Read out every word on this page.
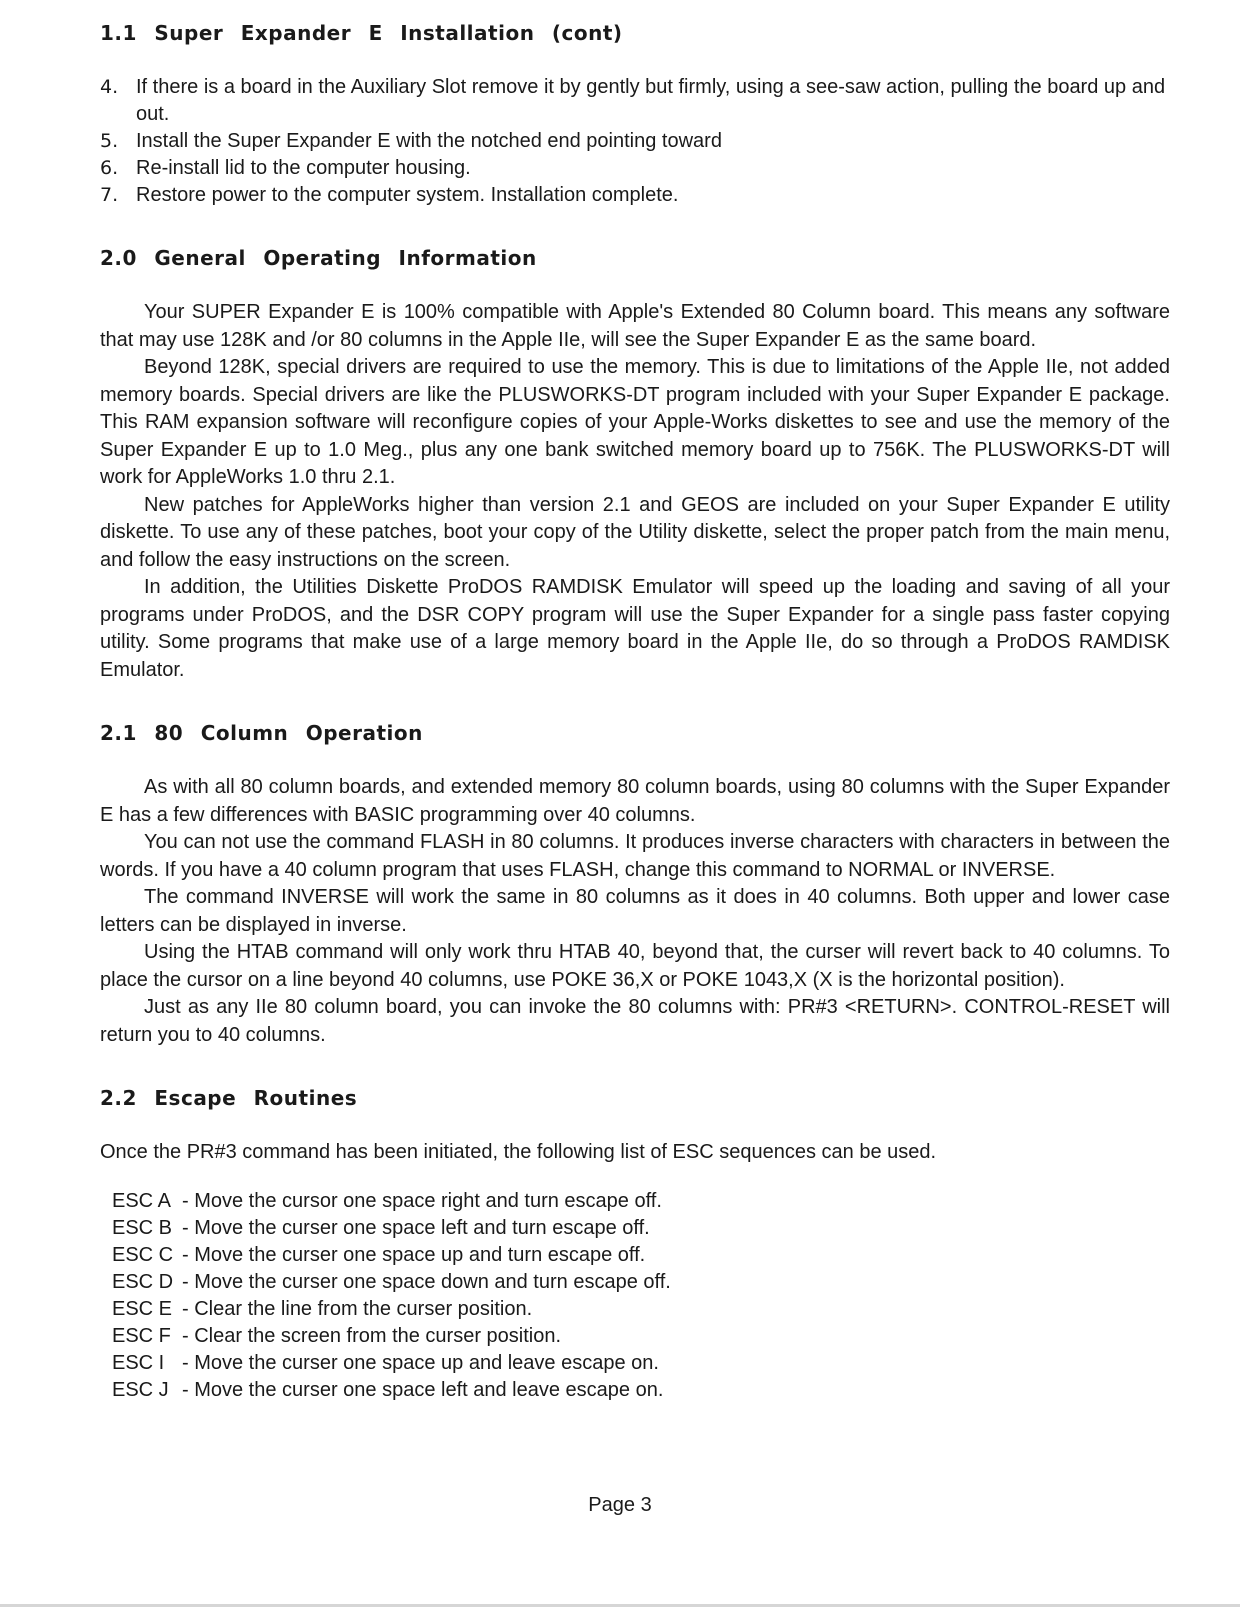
1.1 Super Expander E Installation (cont)
4. If there is a board in the Auxiliary Slot remove it by gently but firmly, using a see-saw action, pulling the board up and out.
5. Install the Super Expander E with the notched end pointing toward
6. Re-install lid to the computer housing.
7. Restore power to the computer system. Installation complete.
2.0 General Operating Information

Your SUPER Expander E is 100% compatible with Apple's Extended 80 Column board. This means any software that may use 128K and /or 80 columns in the Apple IIe, will see the Super Expander E as the same board.

Beyond 128K, special drivers are required to use the memory. This is due to limitations of the Apple IIe, not added memory boards. Special drivers are like the PLUSWORKS-DT program included with your Super Expander E package. This RAM expansion software will reconfigure copies of your Apple-Works diskettes to see and use the memory of the Super Expander E up to 1.0 Meg., plus any one bank switched memory board up to 756K. The PLUSWORKS-DT will work for AppleWorks 1.0 thru 2.1.

New patches for AppleWorks higher than version 2.1 and GEOS are included on your Super Expander E utility diskette. To use any of these patches, boot your copy of the Utility diskette, select the proper patch from the main menu, and follow the easy instructions on the screen.

In addition, the Utilities Diskette ProDOS RAMDISK Emulator will speed up the loading and saving of all your programs under ProDOS, and the DSR COPY program will use the Super Expander for a single pass faster copying utility. Some programs that make use of a large memory board in the Apple IIe, do so through a ProDOS RAMDISK Emulator.

2.1 80 Column Operation

As with all 80 column boards, and extended memory 80 column boards, using 80 columns with the Super Expander E has a few differences with BASIC programming over 40 columns.

You can not use the command FLASH in 80 columns. It produces inverse characters with characters in between the words. If you have a 40 column program that uses FLASH, change this command to NORMAL or INVERSE.

The command INVERSE will work the same in 80 columns as it does in 40 columns. Both upper and lower case letters can be displayed in inverse.

Using the HTAB command will only work thru HTAB 40, beyond that, the curser will revert back to 40 columns. To place the cursor on a line beyond 40 columns, use POKE 36,X or POKE 1043,X (X is the horizontal position).

Just as any IIe 80 column board, you can invoke the 80 columns with: PR#3 <RETURN>. CONTROL-RESET will return you to 40 columns.

2.2 Escape Routines

Once the PR#3 command has been initiated, the following list of ESC sequences can be used.

ESC A - Move the cursor one space right and turn escape off.
ESC B - Move the curser one space left and turn escape off.
ESC C - Move the curser one space up and turn escape off.
ESC D - Move the curser one space down and turn escape off.
ESC E - Clear the line from the curser position.
ESC F - Clear the screen from the curser position.
ESC I - Move the curser one space up and leave escape on.
ESC J - Move the curser one space left and leave escape on.
Page 3
